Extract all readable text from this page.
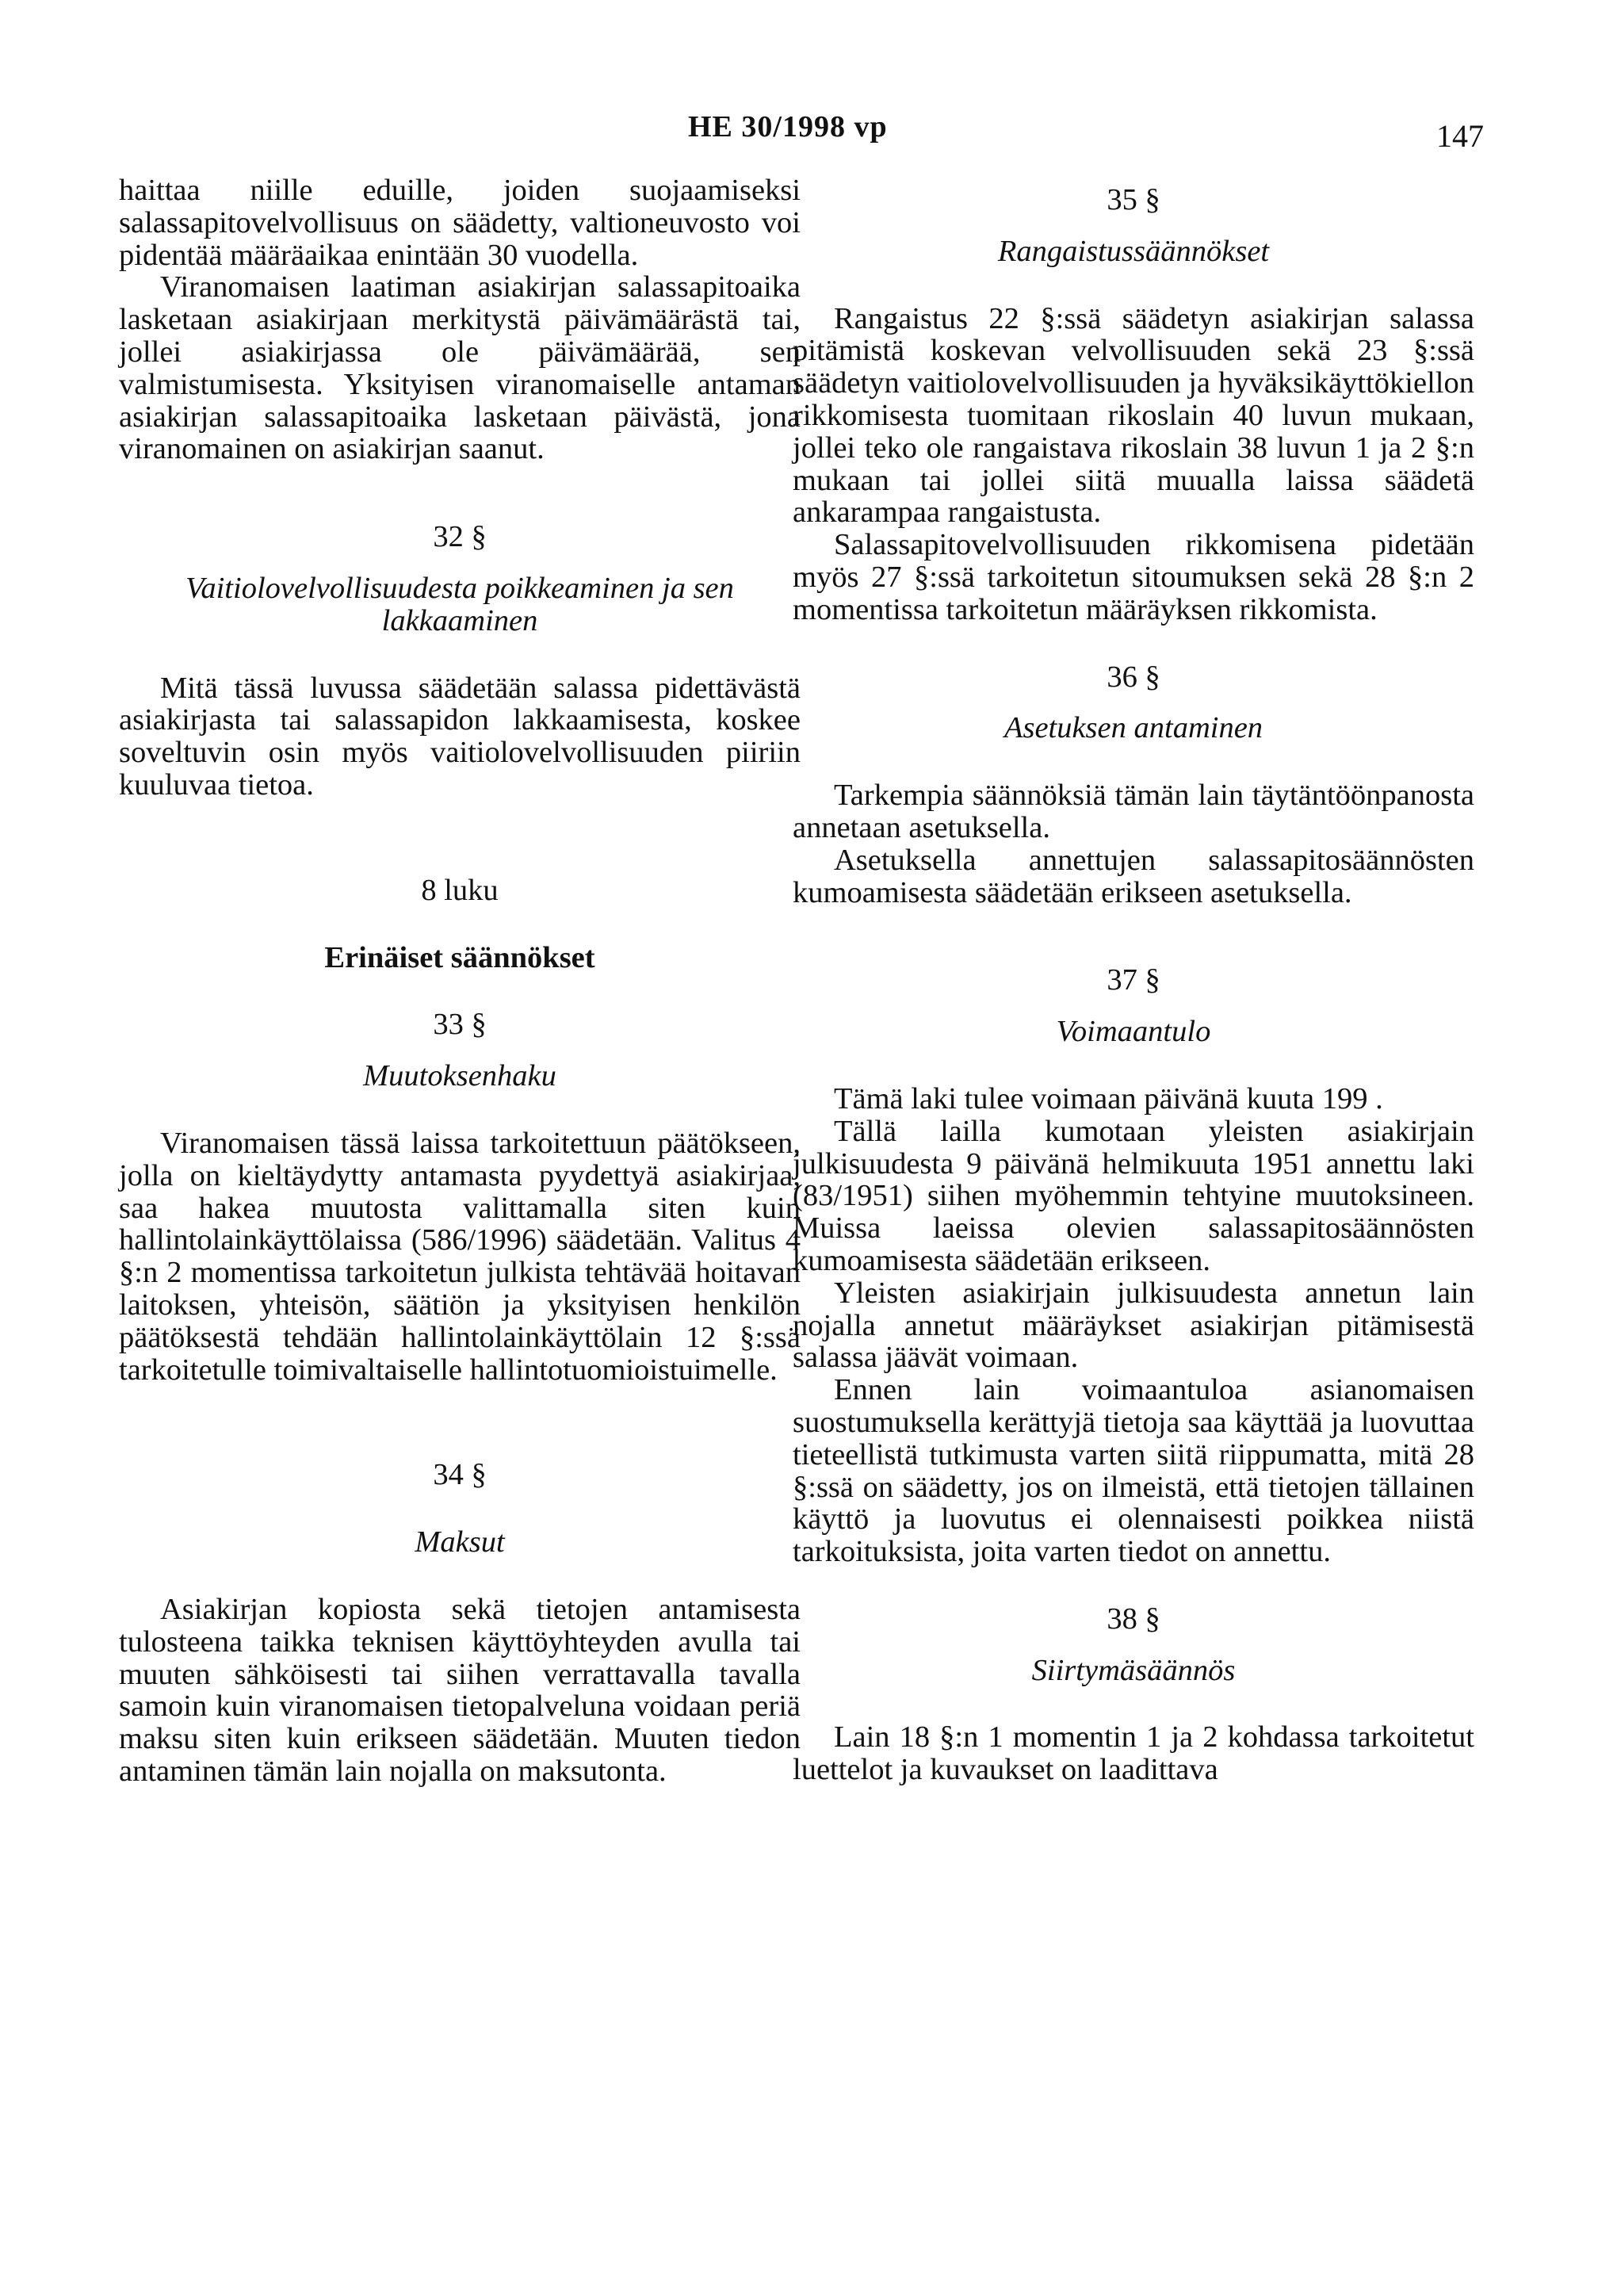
HE 30/1998 vp	147

haittaa niille eduille, joiden suojaamiseksi salassapitovelvollisuus on säädetty, valtioneuvosto voi pidentää määräaikaa enintään 30 vuodella.

Viranomaisen laatiman asiakirjan salassapitoaika lasketaan asiakirjaan merkitystä päivämäärästä tai, jollei asiakirjassa ole päivämäärää, sen valmistumisesta. Yksityisen viranomaiselle antaman asiakirjan salassapitoaika lasketaan päivästä, jona viranomainen on asiakirjan saanut.

32 §
Vaitiolovelvollisuudesta poikkeaminen ja sen lakkaaminen

Mitä tässä luvussa säädetään salassa pidettävästä asiakirjasta tai salassapidon lakkaamisesta, koskee soveltuvin osin myös vaitiolovelvollisuuden piiriin kuuluvaa tietoa.

8 luku
Erinäiset säännökset
33 §
Muutoksenhaku

Viranomaisen tässä laissa tarkoitettuun päätökseen, jolla on kieltäydytty antamasta pyydettyä asiakirjaa, saa hakea muutosta valittamalla siten kuin hallintolainkäyttölaissa (586/1996) säädetään. Valitus 4 §:n 2 momentissa tarkoitetun julkista tehtävää hoitavan laitoksen, yhteisön, säätiön ja yksityisen henkilön päätöksestä tehdään hallintolainkäyttölain 12 §:ssä tarkoitetulle toimivaltaiselle hallintotuomioistuimelle.

34 §
Maksut

Asiakirjan kopiosta sekä tietojen antamisesta tulosteena taikka teknisen käyttöyhteyden avulla tai muuten sähköisesti tai siihen verrattavalla tavalla samoin kuin viranomaisen tietopalveluna voidaan periä maksu siten kuin erikseen säädetään. Muuten tiedon antaminen tämän lain nojalla on maksutonta.

35 §
Rangaistussäännökset

Rangaistus 22 §:ssä säädetyn asiakirjan salassa pitämistä koskevan velvollisuuden sekä 23 §:ssä säädetyn vaitiolovelvollisuuden ja hyväksikäyttökiellon rikkomisesta tuomitaan rikoslain 40 luvun mukaan, jollei teko ole rangaistava rikoslain 38 luvun 1 ja 2 §:n mukaan tai jollei siitä muualla laissa säädetä ankarampaa rangaistusta.

Salassapitovelvollisuuden rikkomisena pidetään myös 27 §:ssä tarkoitetun sitoumuksen sekä 28 §:n 2 momentissa tarkoitetun määräyksen rikkomista.

36 §
Asetuksen antaminen

Tarkempia säännöksiä tämän lain täytäntöönpanosta annetaan asetuksella.

Asetuksella annettujen salassapitosäännösten kumoamisesta säädetään erikseen asetuksella.

37 §
Voimaantulo

Tämä laki tulee voimaan päivänä kuuta 199 .

Tällä lailla kumotaan yleisten asiakirjain julkisuudesta 9 päivänä helmikuuta 1951 annettu laki (83/1951) siihen myöhemmin tehtyine muutoksineen. Muissa laeissa olevien salassapitosäännösten kumoamisesta säädetään erikseen.

Yleisten asiakirjain julkisuudesta annetun lain nojalla annetut määräykset asiakirjan pitämisestä salassa jäävät voimaan.

Ennen lain voimaantuloa asianomaisen suostumuksella kerättyjä tietoja saa käyttää ja luovuttaa tieteellistä tutkimusta varten siitä riippumatta, mitä 28 §:ssä on säädetty, jos on ilmeistä, että tietojen tällainen käyttö ja luovutus ei olennaisesti poikkea niistä tarkoituksista, joita varten tiedot on annettu.

38 §
Siirtymäsäännös

Lain 18 §:n 1 momentin 1 ja 2 kohdassa tarkoitetut luettelot ja kuvaukset on laadittava
